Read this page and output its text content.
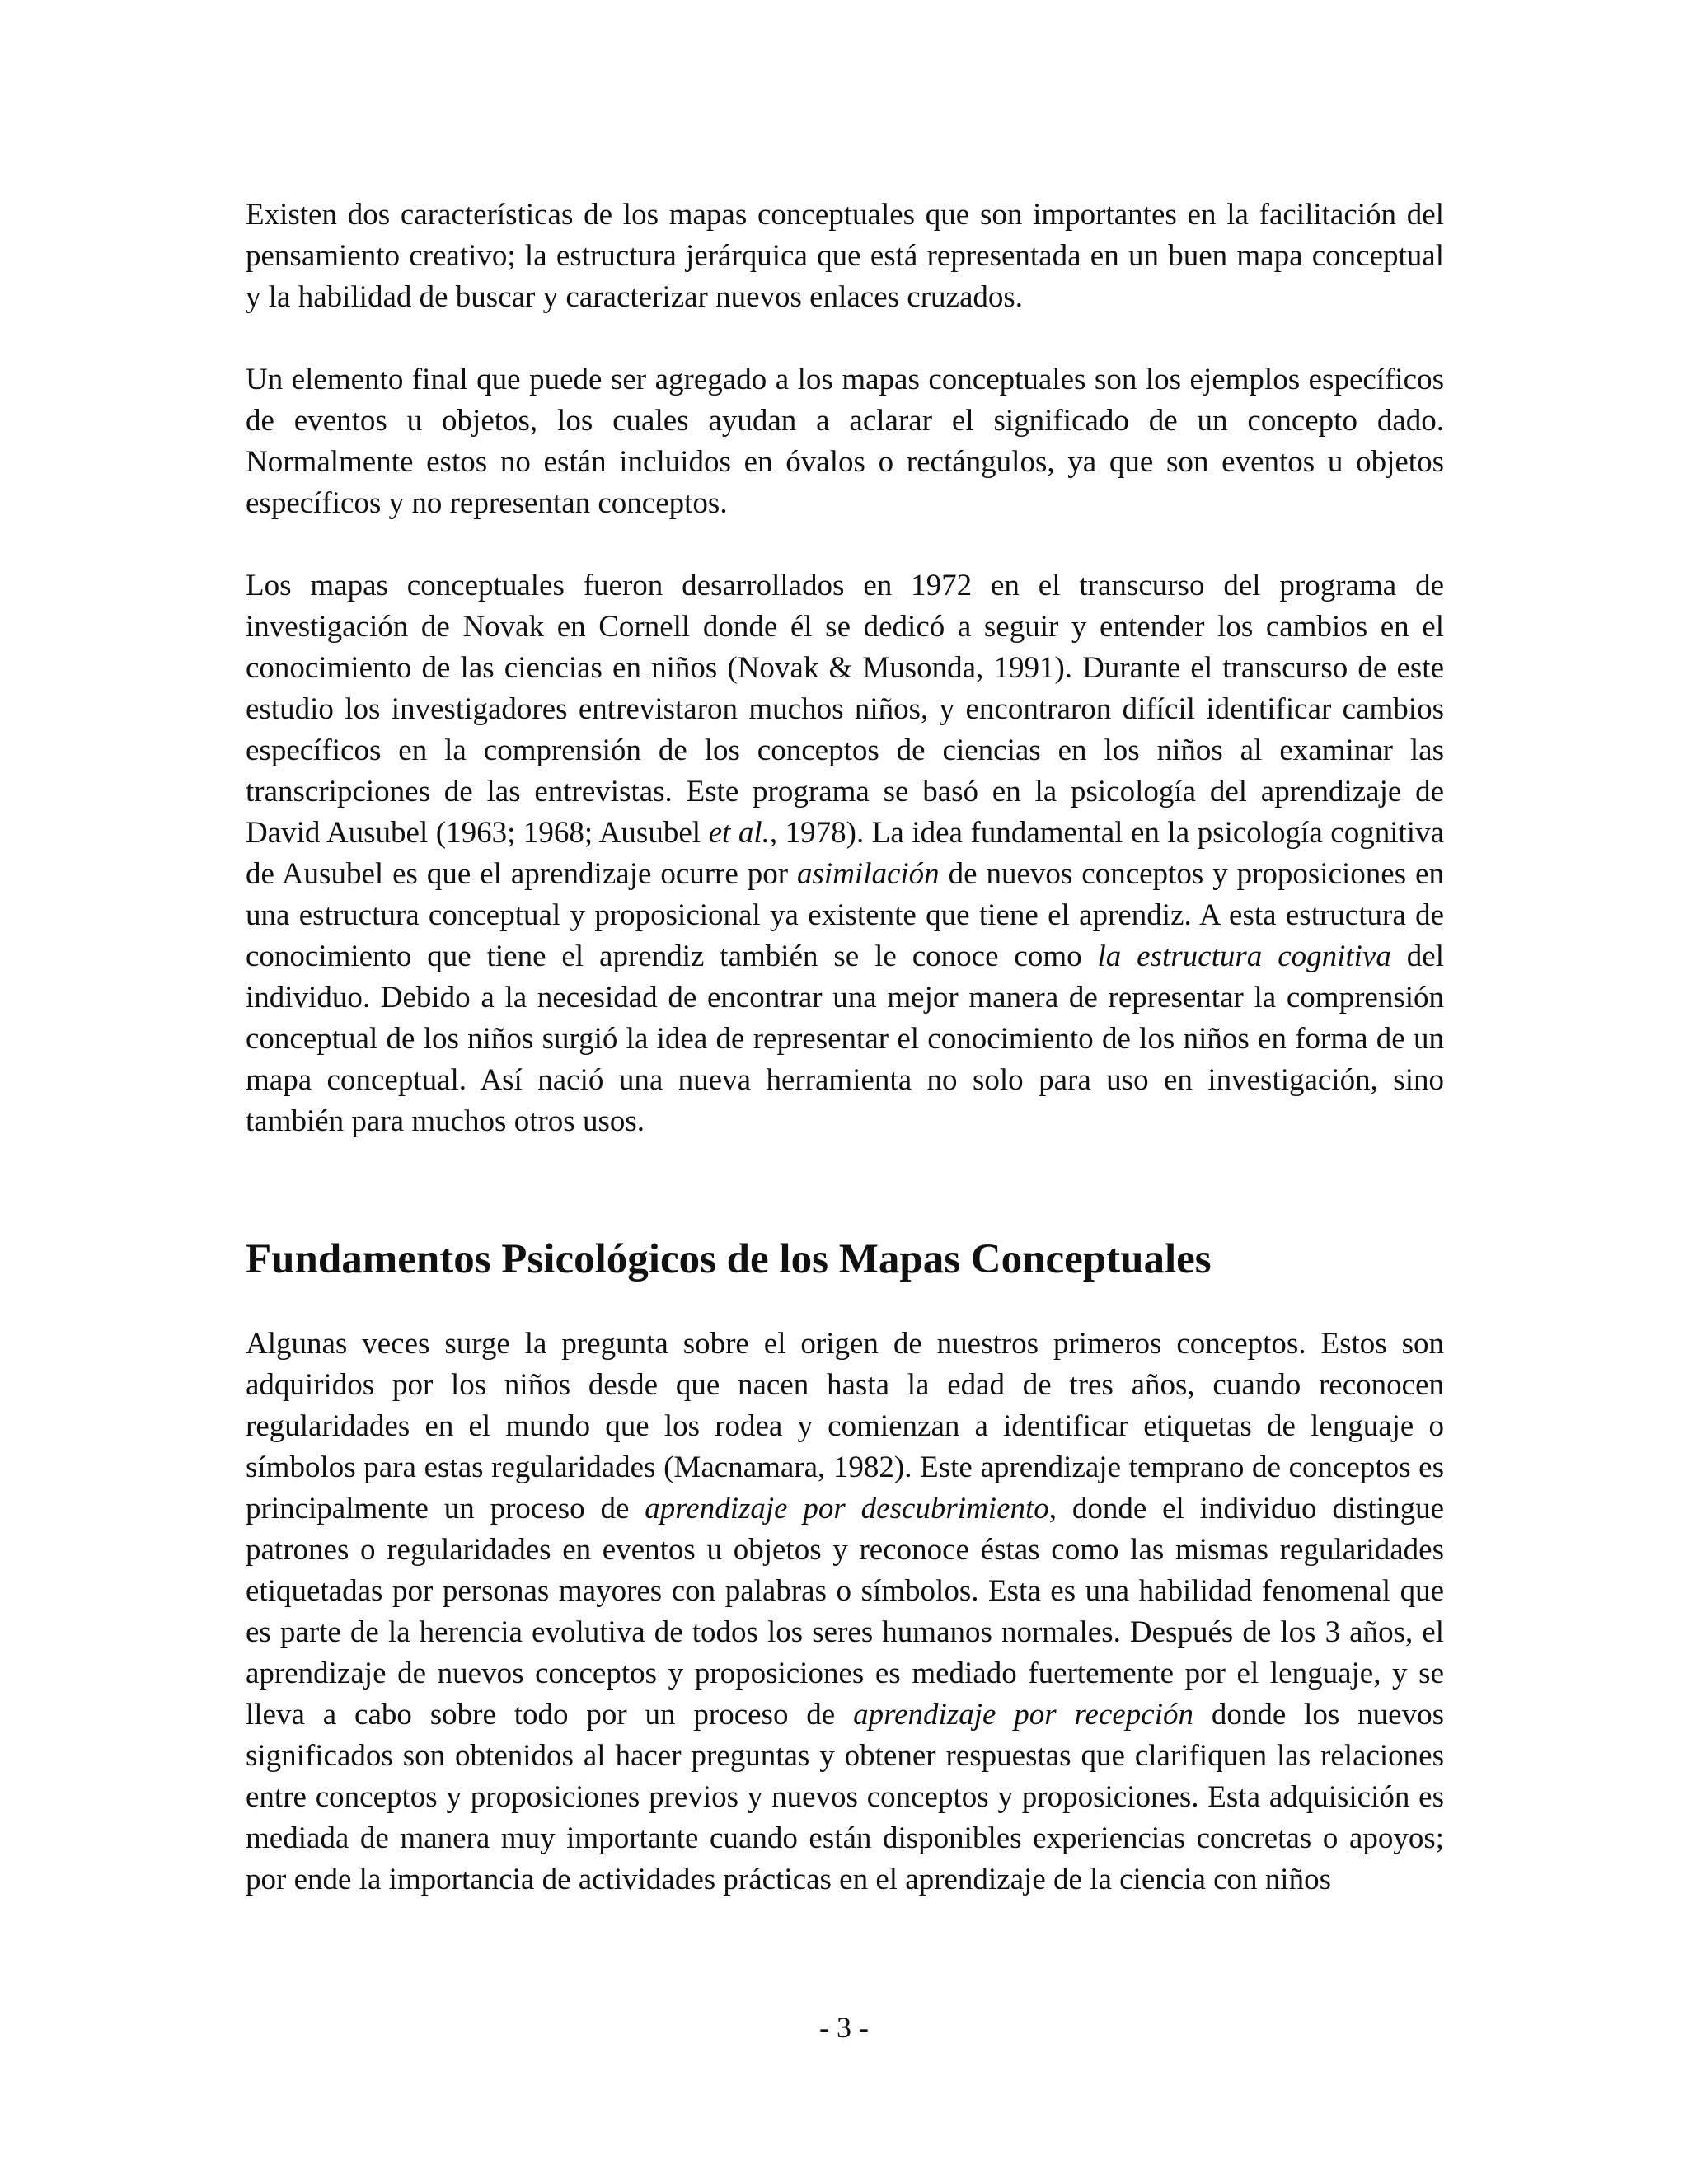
Existen dos características de los mapas conceptuales que son importantes en la facilitación del pensamiento creativo; la estructura jerárquica que está representada en un buen mapa conceptual y la habilidad de buscar y caracterizar nuevos enlaces cruzados.

Un elemento final que puede ser agregado a los mapas conceptuales son los ejemplos específicos de eventos u objetos, los cuales ayudan a aclarar el significado de un concepto dado. Normalmente estos no están incluidos en óvalos o rectángulos, ya que son eventos u objetos específicos y no representan conceptos.

Los mapas conceptuales fueron desarrollados en 1972 en el transcurso del programa de investigación de Novak en Cornell donde él se dedicó a seguir y entender los cambios en el conocimiento de las ciencias en niños (Novak & Musonda, 1991). Durante el transcurso de este estudio los investigadores entrevistaron muchos niños, y encontraron difícil identificar cambios específicos en la comprensión de los conceptos de ciencias en los niños al examinar las transcripciones de las entrevistas. Este programa se basó en la psicología del aprendizaje de David Ausubel (1963; 1968; Ausubel et al., 1978). La idea fundamental en la psicología cognitiva de Ausubel es que el aprendizaje ocurre por asimilación de nuevos conceptos y proposiciones en una estructura conceptual y proposicional ya existente que tiene el aprendiz. A esta estructura de conocimiento que tiene el aprendiz también se le conoce como la estructura cognitiva del individuo. Debido a la necesidad de encontrar una mejor manera de representar la comprensión conceptual de los niños surgió la idea de representar el conocimiento de los niños en forma de un mapa conceptual. Así nació una nueva herramienta no solo para uso en investigación, sino también para muchos otros usos.

Fundamentos Psicológicos de los Mapas Conceptuales

Algunas veces surge la pregunta sobre el origen de nuestros primeros conceptos. Estos son adquiridos por los niños desde que nacen hasta la edad de tres años, cuando reconocen regularidades en el mundo que los rodea y comienzan a identificar etiquetas de lenguaje o símbolos para estas regularidades (Macnamara, 1982). Este aprendizaje temprano de conceptos es principalmente un proceso de aprendizaje por descubrimiento, donde el individuo distingue patrones o regularidades en eventos u objetos y reconoce éstas como las mismas regularidades etiquetadas por personas mayores con palabras o símbolos. Esta es una habilidad fenomenal que es parte de la herencia evolutiva de todos los seres humanos normales. Después de los 3 años, el aprendizaje de nuevos conceptos y proposiciones es mediado fuertemente por el lenguaje, y se lleva a cabo sobre todo por un proceso de aprendizaje por recepción donde los nuevos significados son obtenidos al hacer preguntas y obtener respuestas que clarifiquen las relaciones entre conceptos y proposiciones previos y nuevos conceptos y proposiciones. Esta adquisición es mediada de manera muy importante cuando están disponibles experiencias concretas o apoyos; por ende la importancia de actividades prácticas en el aprendizaje de la ciencia con niños

- 3 -
